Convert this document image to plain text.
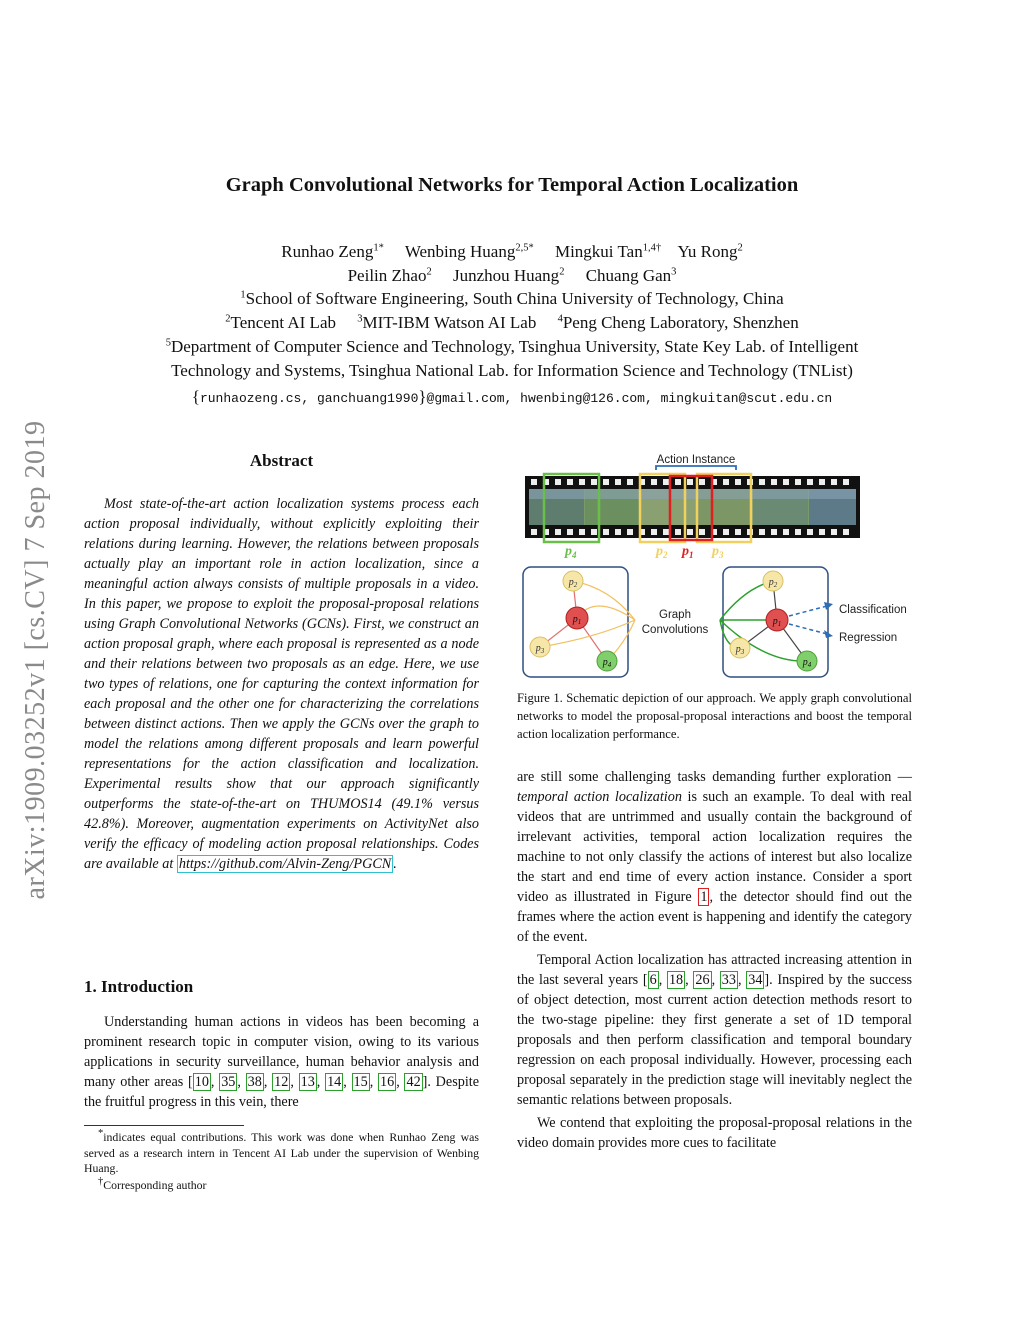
Graph Convolutional Networks for Temporal Action Localization
Runhao Zeng$^{1*}$ Wenbing Huang$^{2,5*}$ Mingkui Tan$^{1,4\dagger}$ Yu Rong$^2$
Peilin Zhao$^2$ Junzhou Huang$^2$ Chuang Gan$^3$
$^1$School of Software Engineering, South China University of Technology, China
$^2$Tencent AI Lab $^3$MIT-IBM Watson AI Lab $^4$Peng Cheng Laboratory, Shenzhen
$^5$Department of Computer Science and Technology, Tsinghua University, State Key Lab. of Intelligent
Technology and Systems, Tsinghua National Lab. for Information Science and Technology (TNList)
{runhaozeng.cs, ganchuang1990}@gmail.com, hwenbing@126.com, mingkuitan@scut.edu.cn
arXiv:1909.03252v1 [cs.CV] 7 Sep 2019	Abstract

Most state-of-the-art action localization systems process each action proposal individually, without explicitly exploiting their relations during learning. However, the relations between proposals actually play an important role in action localization, since a meaningful action always consists of multiple proposals in a video. In this paper, we propose to exploit the proposal-proposal relations using Graph Convolutional Networks (GCNs). First, we construct an action proposal graph, where each proposal is represented as a node and their relations between two proposals as an edge. Here, we use two types of relations, one for capturing the context information for each proposal and the other one for characterizing the correlations between distinct actions. Then we apply the GCNs over the graph to model the relations among different proposals and learn powerful representations for the action classification and localization. Experimental results show that our approach significantly outperforms the state-of-the-art on THUMOS14 (49.1% versus 42.8%). Moreover, augmentation experiments on ActivityNet also verify the efficacy of modeling action proposal relationships. Codes are available at https://github.com/Alvin-Zeng/PGCN .

1. Introduction

Understanding human actions in videos has been becoming a prominent research topic in computer vision, owing to its various applications in security surveillance, human behavior analysis and many other areas [ 10 , 35 , 38 , 12 , 13 , 14 , 15 , 16 , 42 ]. Despite the fruitful progress in this vein, there

*indicates equal contributions. This work was done when Runhao Zeng was served as a research intern in Tencent AI Lab under the supervision of Wenbing Huang.

†Corresponding author

Action Instance
$p_4$	$p_2$ $p_1$ $p_3$
$p_2$
$p_1$
$p_3$
$p_4$
Graph
Convolutions
$p_2$
$p_1$
$p_3$
$p_4$
Classification
Regression
Figure 1. Schematic depiction of our approach. We apply graph convolutional networks to model the proposal-proposal interactions and boost the temporal action localization performance.

are still some challenging tasks demanding further exploration — temporal action localization is such an example. To deal with real videos that are untrimmed and usually contain the background of irrelevant activities, temporal action localization requires the machine to not only classify the actions of interest but also localize the start and end time of every action instance. Consider a sport video as illustrated in Figure 1 , the detector should find out the frames where the action event is happening and identify the category of the event.

Temporal Action localization has attracted increasing attention in the last several years [ 6 , 18 , 26 , 33 , 34 ]. Inspired by the success of object detection, most current action detection methods resort to the two-stage pipeline: they first generate a set of 1D temporal proposals and then perform classification and temporal boundary regression on each proposal individually. However, processing each proposal separately in the prediction stage will inevitably neglect the semantic relations between proposals.

We contend that exploiting the proposal-proposal relations in the video domain provides more cues to facilitate
